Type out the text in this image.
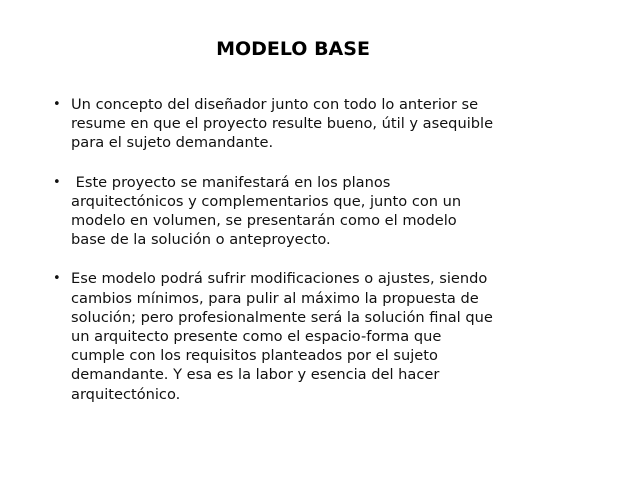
MODELO BASE
• Un concepto del diseñador junto con todo lo anterior se
resume en que el proyecto resulte bueno, útil y asequible
para el sujeto demandante.
• Este proyecto se manifestará en los planos
arquitectónicos y complementarios que, junto con un
modelo en volumen, se presentarán como el modelo
base de la solución o anteproyecto.
• Ese modelo podrá sufrir modificaciones o ajustes, siendo
cambios mínimos, para pulir al máximo la propuesta de
solución; pero profesionalmente será la solución final que
un arquitecto presente como el espacio-forma que
cumple con los requisitos planteados por el sujeto
demandante. Y esa es la labor y esencia del hacer
arquitectónico.
